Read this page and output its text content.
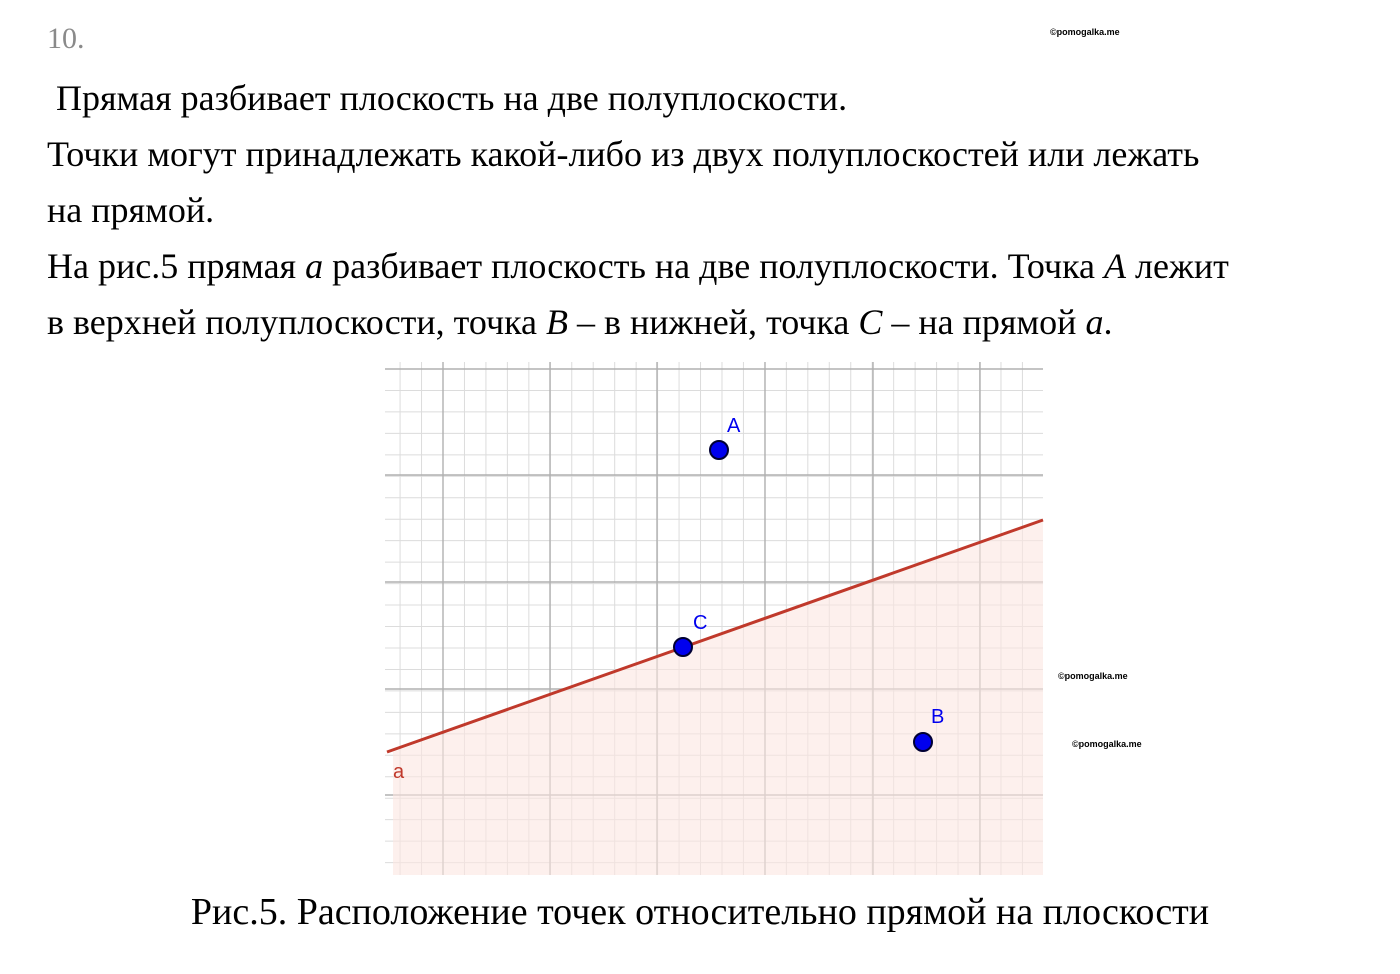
10.	©pomogalka.me
©pomogalka.me
©pomogalka.me
Прямая разбивает плоскость на две полуплоскости.
Точки могут принадлежать какой-либо из двух полуплоскостей или лежать
на прямой.
На рис.5 прямая a разбивает плоскость на две полуплоскости. Точка A лежит
в верхней полуплоскости, точка B – в нижней, точка C – на прямой a.
a
A
C
B
Рис.5. Расположение точек относительно прямой на плоскости
